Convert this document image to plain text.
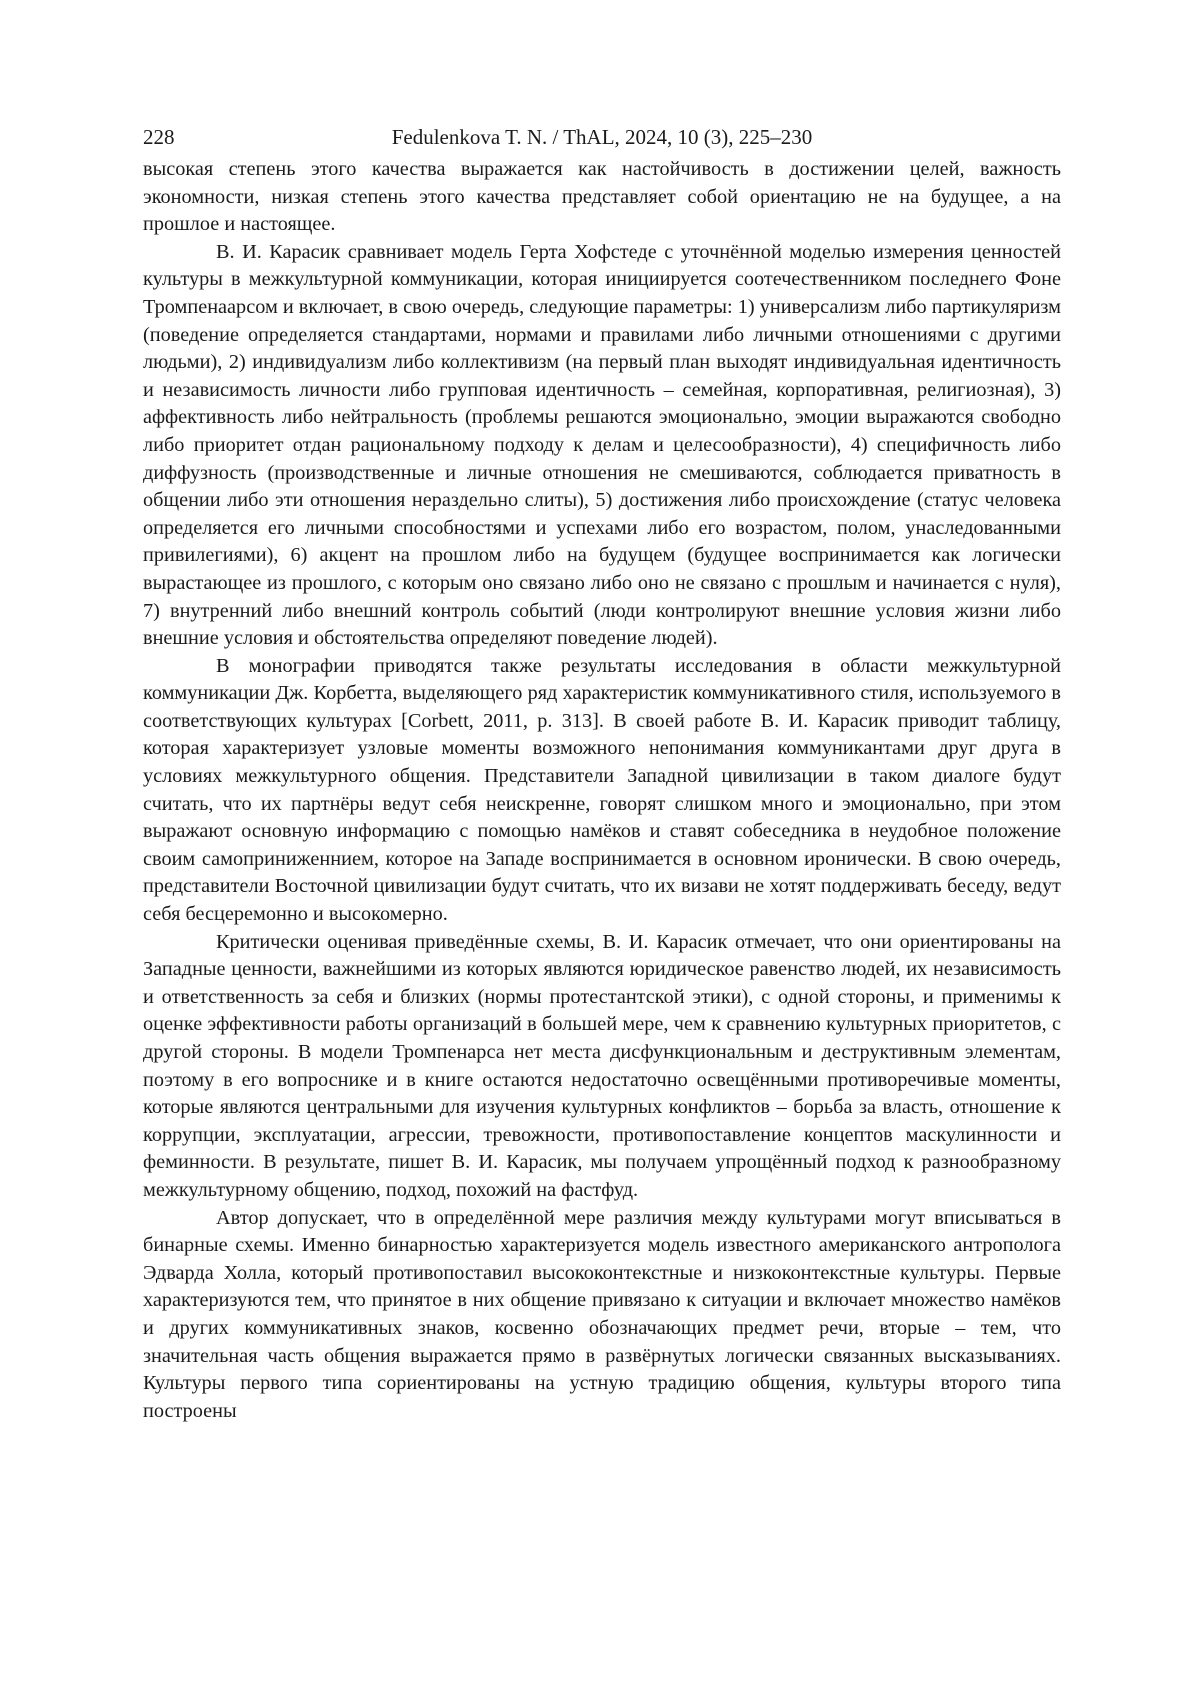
228	Fedulenkova T. N. / ThAL, 2024, 10 (3), 225–230

высокая степень этого качества выражается как настойчивость в достижении целей, важность экономности, низкая степень этого качества представляет собой ориентацию не на будущее, а на прошлое и настоящее.

В. И. Карасик сравнивает модель Герта Хофстеде с уточнённой моделью измерения ценностей культуры в межкультурной коммуникации, которая инициируется соотечественником последнего Фоне Тромпенаарсом и включает, в свою очередь, следующие параметры: 1) универсализм либо партикуляризм (поведение определяется стандартами, нормами и правилами либо личными отношениями с другими людьми), 2) индивидуализм либо коллективизм (на первый план выходят индивидуальная идентичность и независимость личности либо групповая идентичность – семейная, корпоративная, религиозная), 3) аффективность либо нейтральность (проблемы решаются эмоционально, эмоции выражаются свободно либо приоритет отдан рациональному подходу к делам и целесообразности), 4) специфичность либо диффузность (производственные и личные отношения не смешиваются, соблюдается приватность в общении либо эти отношения нераздельно слиты), 5) достижения либо происхождение (статус человека определяется его личными способностями и успехами либо его возрастом, полом, унаследованными привилегиями), 6) акцент на прошлом либо на будущем (будущее воспринимается как логически вырастающее из прошлого, с которым оно связано либо оно не связано с прошлым и начинается с нуля), 7) внутренний либо внешний контроль событий (люди контролируют внешние условия жизни либо внешние условия и обстоятельства определяют поведение людей).

В монографии приводятся также результаты исследования в области межкультурной коммуникации Дж. Корбетта, выделяющего ряд характеристик коммуникативного стиля, используемого в соответствующих культурах [Corbett, 2011, p. 313]. В своей работе В. И. Карасик приводит таблицу, которая характеризует узловые моменты возможного непонимания коммуникантами друг друга в условиях межкультурного общения. Представители Западной цивилизации в таком диалоге будут считать, что их партнёры ведут себя неискренне, говорят слишком много и эмоционально, при этом выражают основную информацию с помощью намёков и ставят собеседника в неудобное положение своим самоприниженнием, которое на Западе воспринимается в основном иронически. В свою очередь, представители Восточной цивилизации будут считать, что их визави не хотят поддерживать беседу, ведут себя бесцеремонно и высокомерно.

Критически оценивая приведённые схемы, В. И. Карасик отмечает, что они ориентированы на Западные ценности, важнейшими из которых являются юридическое равенство людей, их независимость и ответственность за себя и близких (нормы протестантской этики), с одной стороны, и применимы к оценке эффективности работы организаций в большей мере, чем к сравнению культурных приоритетов, с другой стороны. В модели Тромпенарса нет места дисфункциональным и деструктивным элементам, поэтому в его вопроснике и в книге остаются недостаточно освещёнными противоречивые моменты, которые являются центральными для изучения культурных конфликтов – борьба за власть, отношение к коррупции, эксплуатации, агрессии, тревожности, противопоставление концептов маскулинности и феминности. В результате, пишет В. И. Карасик, мы получаем упрощённый подход к разнообразному межкультурному общению, подход, похожий на фастфуд.

Автор допускает, что в определённой мере различия между культурами могут вписываться в бинарные схемы. Именно бинарностью характеризуется модель известного американского антрополога Эдварда Холла, который противопоставил высококонтекстные и низкоконтекстные культуры. Первые характеризуются тем, что принятое в них общение привязано к ситуации и включает множество намёков и других коммуникативных знаков, косвенно обозначающих предмет речи, вторые – тем, что значительная часть общения выражается прямо в развёрнутых логически связанных высказываниях. Культуры первого типа сориентированы на устную традицию общения, культуры второго типа построены
